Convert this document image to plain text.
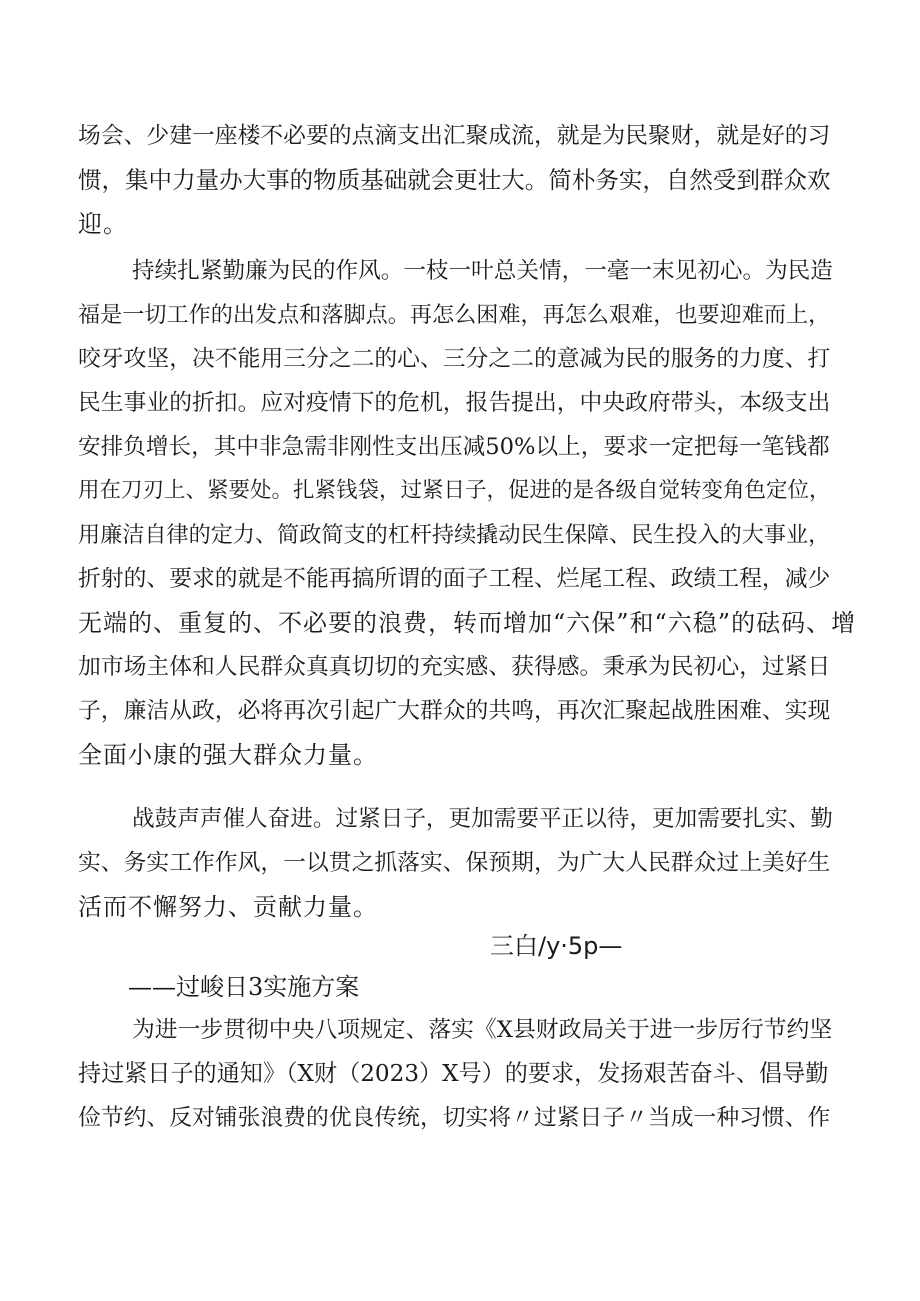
场会、少建一座楼不必要的点滴支出汇聚成流，就是为民聚财，就是好的习
惯，集中力量办大事的物质基础就会更壮大。简朴务实，自然受到群众欢
迎。
持续扎紧勤廉为民的作风。一枝一叶总关情，一毫一末见初心。为民造
福是一切工作的出发点和落脚点。再怎么困难，再怎么艰难，也要迎难而上，
咬牙攻坚，决不能用三分之二的心、三分之二的意减为民的服务的力度、打
民生事业的折扣。应对疫情下的危机，报告提出，中央政府带头，本级支出
安排负增长，其中非急需非刚性支出压减50%以上，要求一定把每一笔钱都
用在刀刃上、紧要处。扎紧钱袋，过紧日子，促进的是各级自觉转变角色定位，
用廉洁自律的定力、简政简支的杠杆持续撬动民生保障、民生投入的大事业，
折射的、要求的就是不能再搞所谓的面子工程、烂尾工程、政绩工程，减少
无端的、重复的、不必要的浪费，转而增加“六保”和“六稳”的砝码、增
加市场主体和人民群众真真切切的充实感、获得感。秉承为民初心，过紧日
子，廉洁从政，必将再次引起广大群众的共鸣，再次汇聚起战胜困难、实现
全面小康的强大群众力量。
战鼓声声催人奋进。过紧日子，更加需要平正以待，更加需要扎实、勤
实、务实工作作风，一以贯之抓落实、保预期，为广大人民群众过上美好生
活而不懈努力、贡献力量。
三白/y·5p—
——过峻日3实施方案
为进一步贯彻中央八项规定、落实《X县财政局关于进一步厉行节约坚
持过紧日子的通知》（X财（2023）X号）的要求，发扬艰苦奋斗、倡导勤
俭节约、反对铺张浪费的优良传统，切实将〃过紧日子〃当成一种习惯、作
